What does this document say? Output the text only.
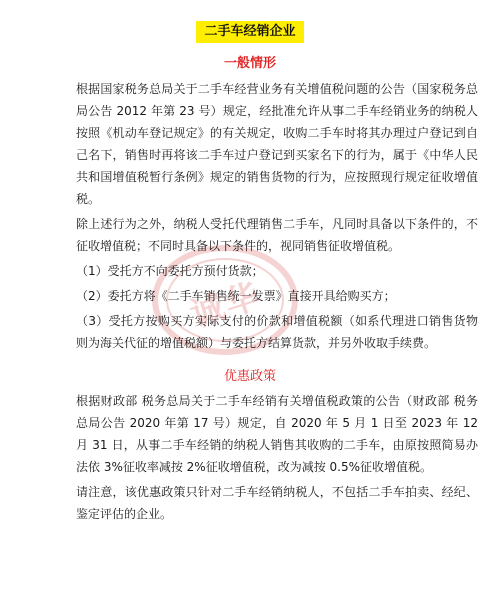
二手车经销企业
一般情形

根据国家税务总局关于二手车经营业务有关增值税问题的公告（国家税务总局公告 2012 年第 23 号）规定，经批准允许从事二手车经销业务的纳税人按照《机动车登记规定》的有关规定，收购二手车时将其办理过户登记到自己名下，销售时再将该二手车过户登记到买家名下的行为，属于《中华人民共和国增值税暂行条例》规定的销售货物的行为，应按照现行规定征收增值税。

除上述行为之外，纳税人受托代理销售二手车，凡同时具备以下条件的，不征收增值税；不同时具备以下条件的，视同销售征收增值税。

（1）受托方不向委托方预付货款；

（2）委托方将《二手车销售统一发票》直接开具给购买方；

（3）受托方按购买方实际支付的价款和增值税额（如系代理进口销售货物则为海关代征的增值税额）与委托方结算货款，并另外收取手续费。

优惠政策

根据财政部 税务总局关于二手车经销有关增值税政策的公告（财政部 税务总局公告 2020 年第 17 号）规定，自 2020 年 5 月 1 日至 2023 年 12 月 31 日，从事二手车经销的纳税人销售其收购的二手车，由原按照简易办法依 3%征收率减按 2%征收增值税，改为减按 0.5%征收增值税。

请注意，该优惠政策只针对二手车经销纳税人，不包括二手车拍卖、经纪、鉴定评估的企业。

诚华
